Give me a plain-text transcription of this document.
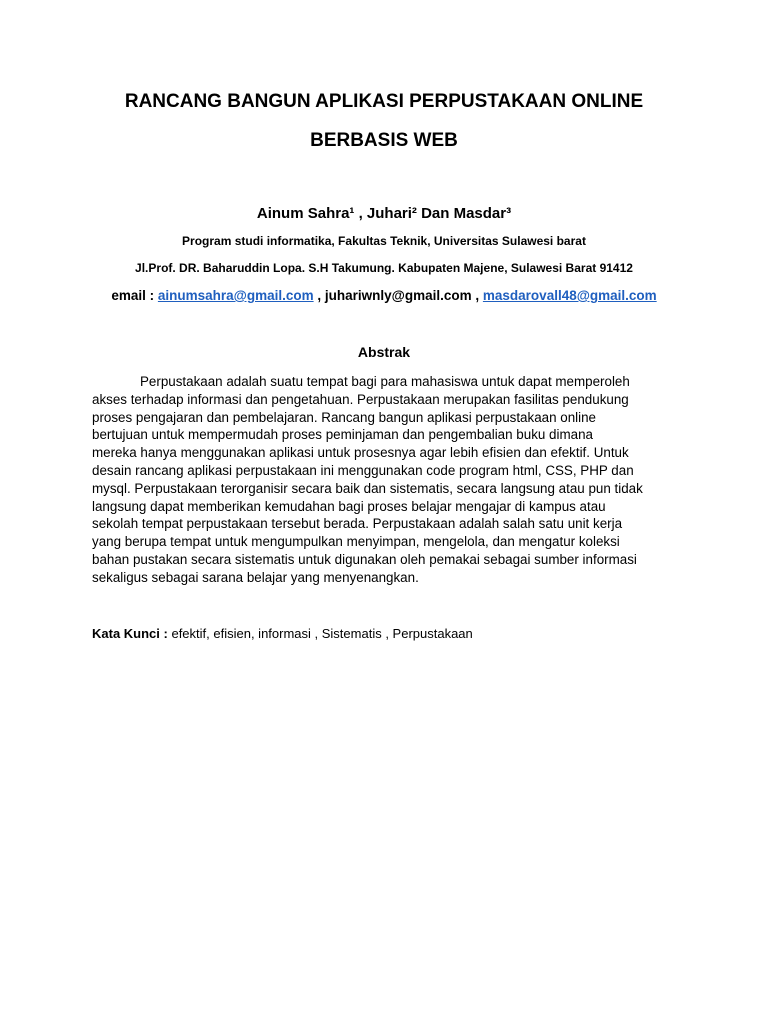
RANCANG BANGUN APLIKASI PERPUSTAKAAN ONLINE
BERBASIS WEB
Ainum Sahra¹ , Juhari² Dan Masdar³
Program studi informatika, Fakultas Teknik, Universitas Sulawesi barat
Jl.Prof. DR. Baharuddin Lopa. S.H Takumung. Kabupaten Majene, Sulawesi Barat 91412
email : ainumsahra@gmail.com , juhariwnly@gmail.com , masdarovall48@gmail.com
Abstrak
Perpustakaan adalah suatu tempat bagi para mahasiswa untuk dapat memperoleh
akses terhadap informasi dan pengetahuan. Perpustakaan merupakan fasilitas pendukung
proses pengajaran dan pembelajaran. Rancang bangun aplikasi perpustakaan online
bertujuan untuk mempermudah proses peminjaman dan pengembalian buku dimana
mereka hanya menggunakan aplikasi untuk prosesnya agar lebih efisien dan efektif. Untuk
desain rancang aplikasi perpustakaan ini menggunakan code program html, CSS, PHP dan
mysql. Perpustakaan terorganisir secara baik dan sistematis, secara langsung atau pun tidak
langsung dapat memberikan kemudahan bagi proses belajar mengajar di kampus atau
sekolah tempat perpustakaan tersebut berada. Perpustakaan adalah salah satu unit kerja
yang berupa tempat untuk mengumpulkan menyimpan, mengelola, dan mengatur koleksi
bahan pustakan secara sistematis untuk digunakan oleh pemakai sebagai sumber informasi
sekaligus sebagai sarana belajar yang menyenangkan.
Kata Kunci : efektif, efisien, informasi , Sistematis , Perpustakaan
